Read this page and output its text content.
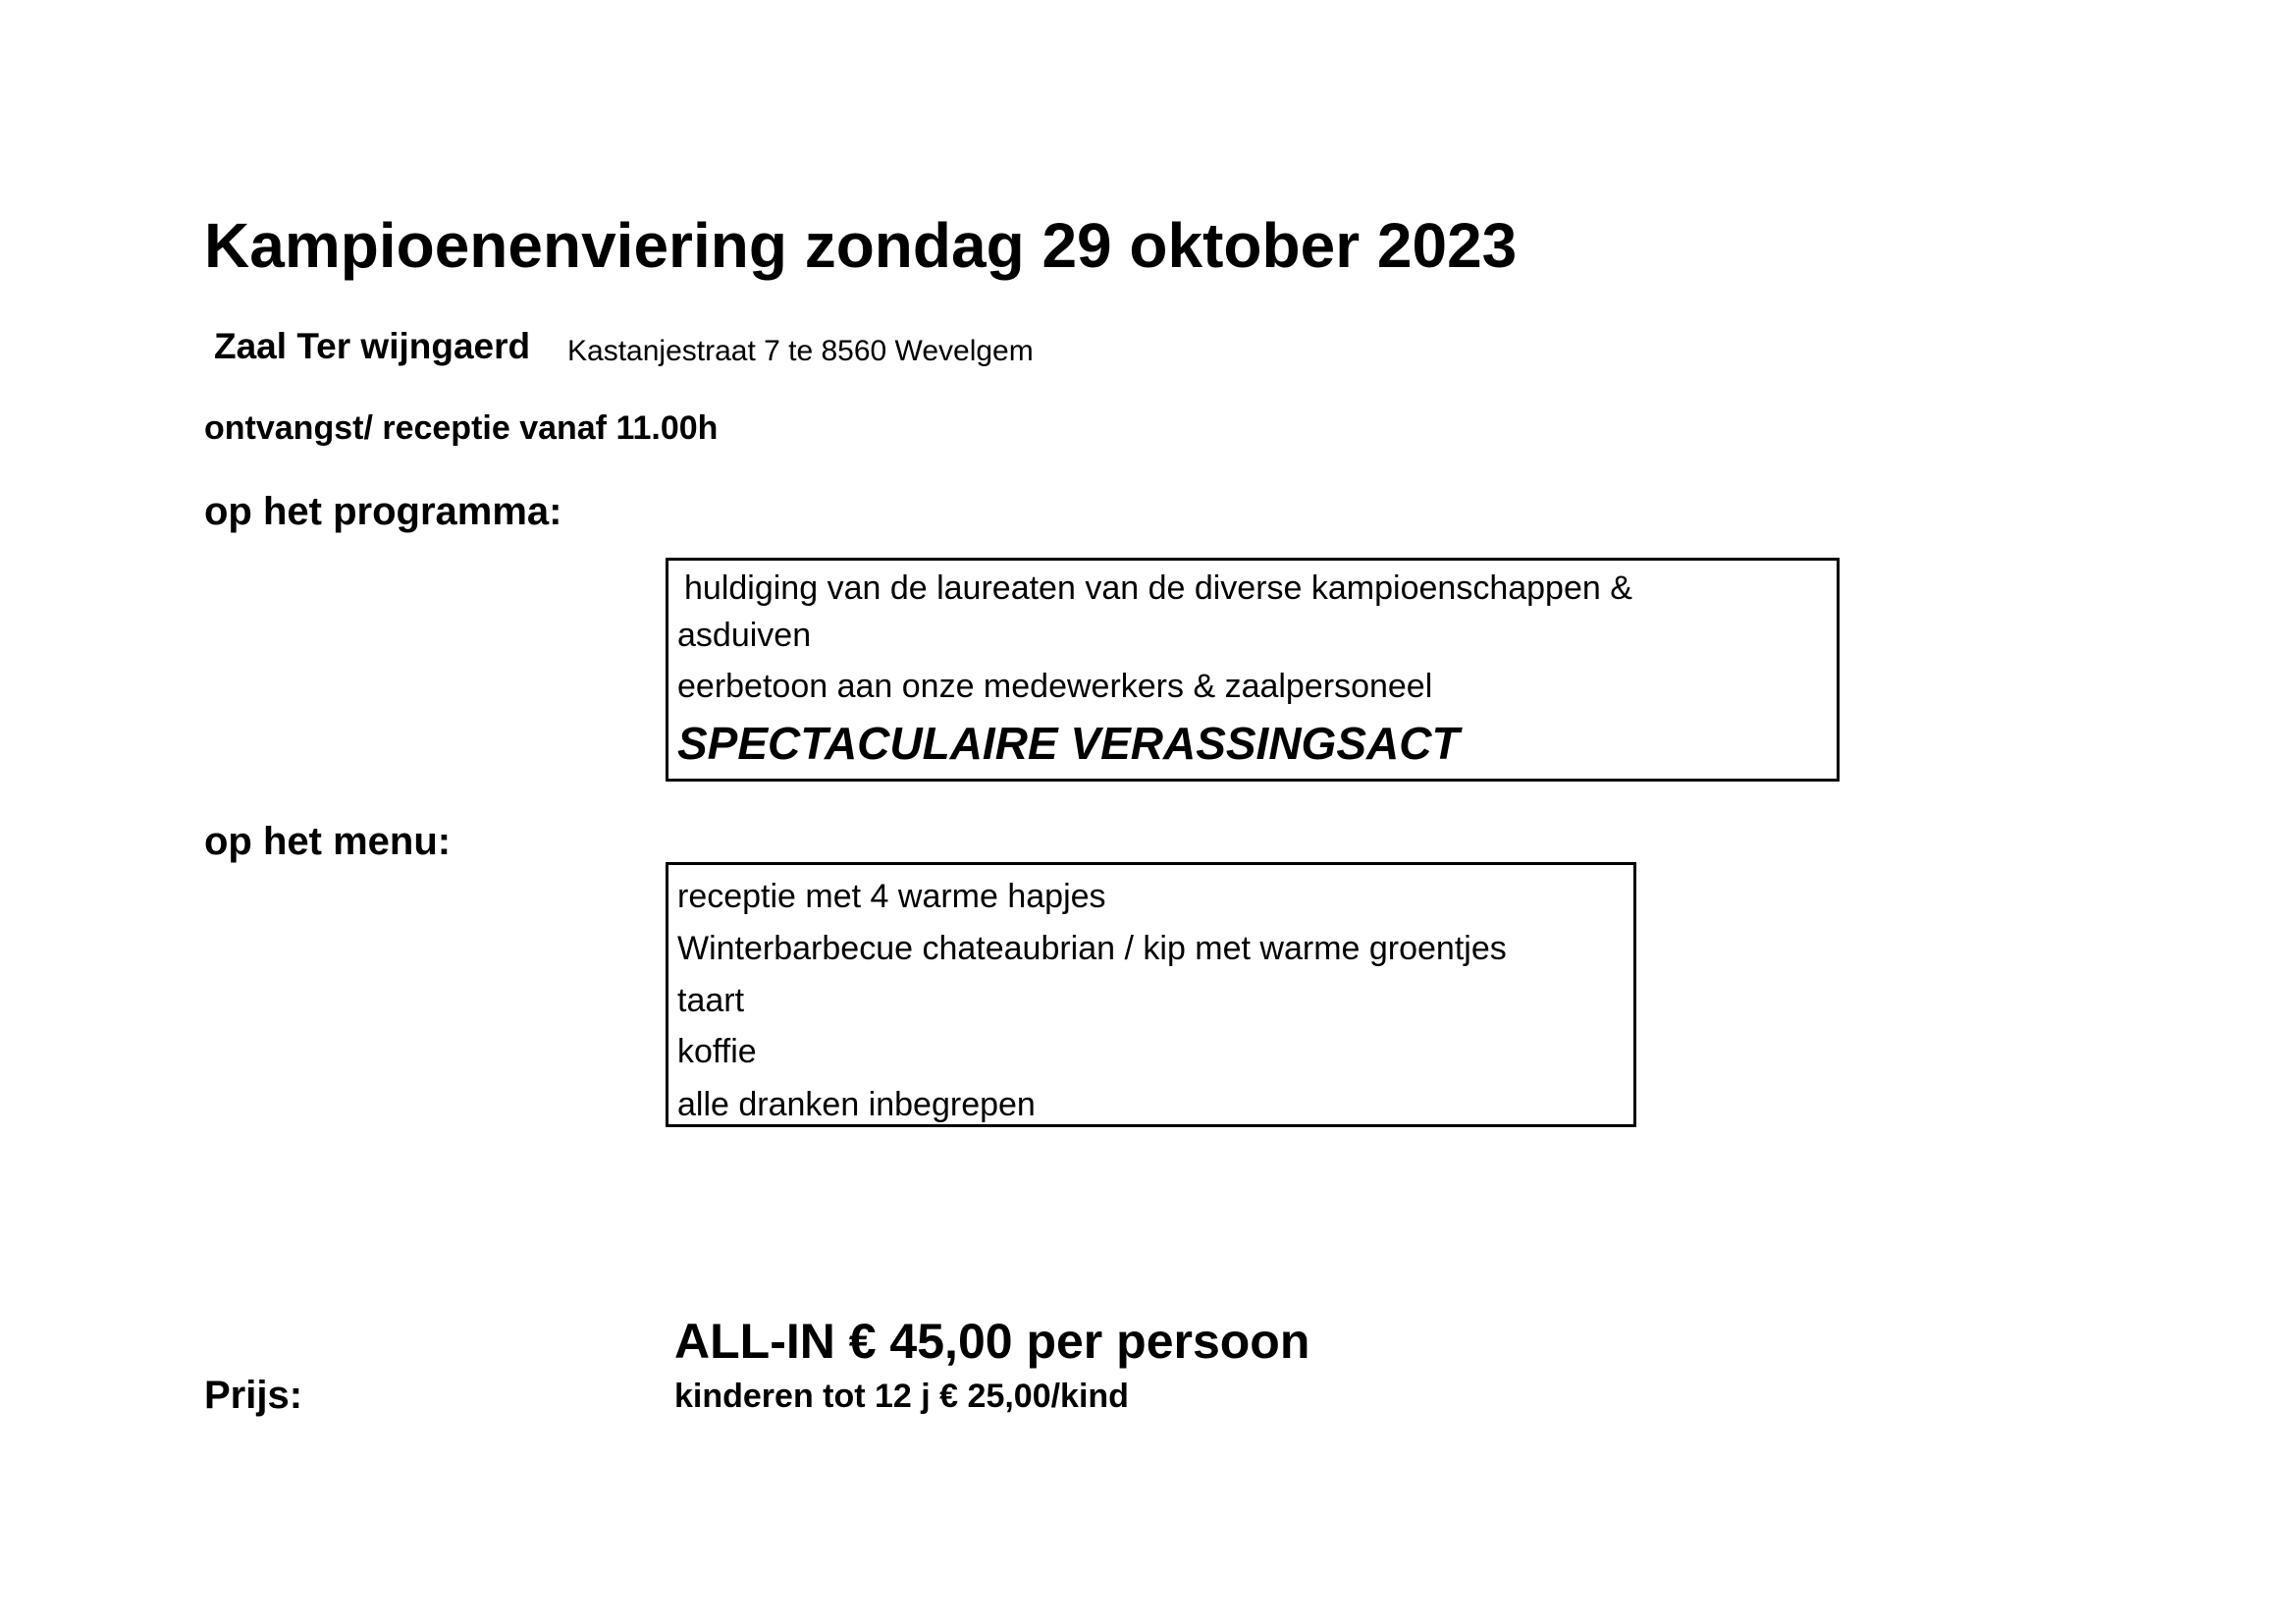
Kampioenenviering zondag 29 oktober 2023
Zaal Ter wijngaerd Kastanjestraat 7 te 8560 Wevelgem
ontvangst/ receptie vanaf 11.00h
op het programma:
huldiging van de laureaten van de diverse kampioenschappen &
asduiven
eerbetoon aan onze medewerkers & zaalpersoneel
SPECTACULAIRE VERASSINGSACT
op het menu:
receptie met 4 warme hapjes
Winterbarbecue chateaubrian / kip met warme groentjes
taart
koffie
alle dranken inbegrepen
ALL-IN € 45,00 per persoon
Prijs:	kinderen tot 12 j € 25,00/kind
